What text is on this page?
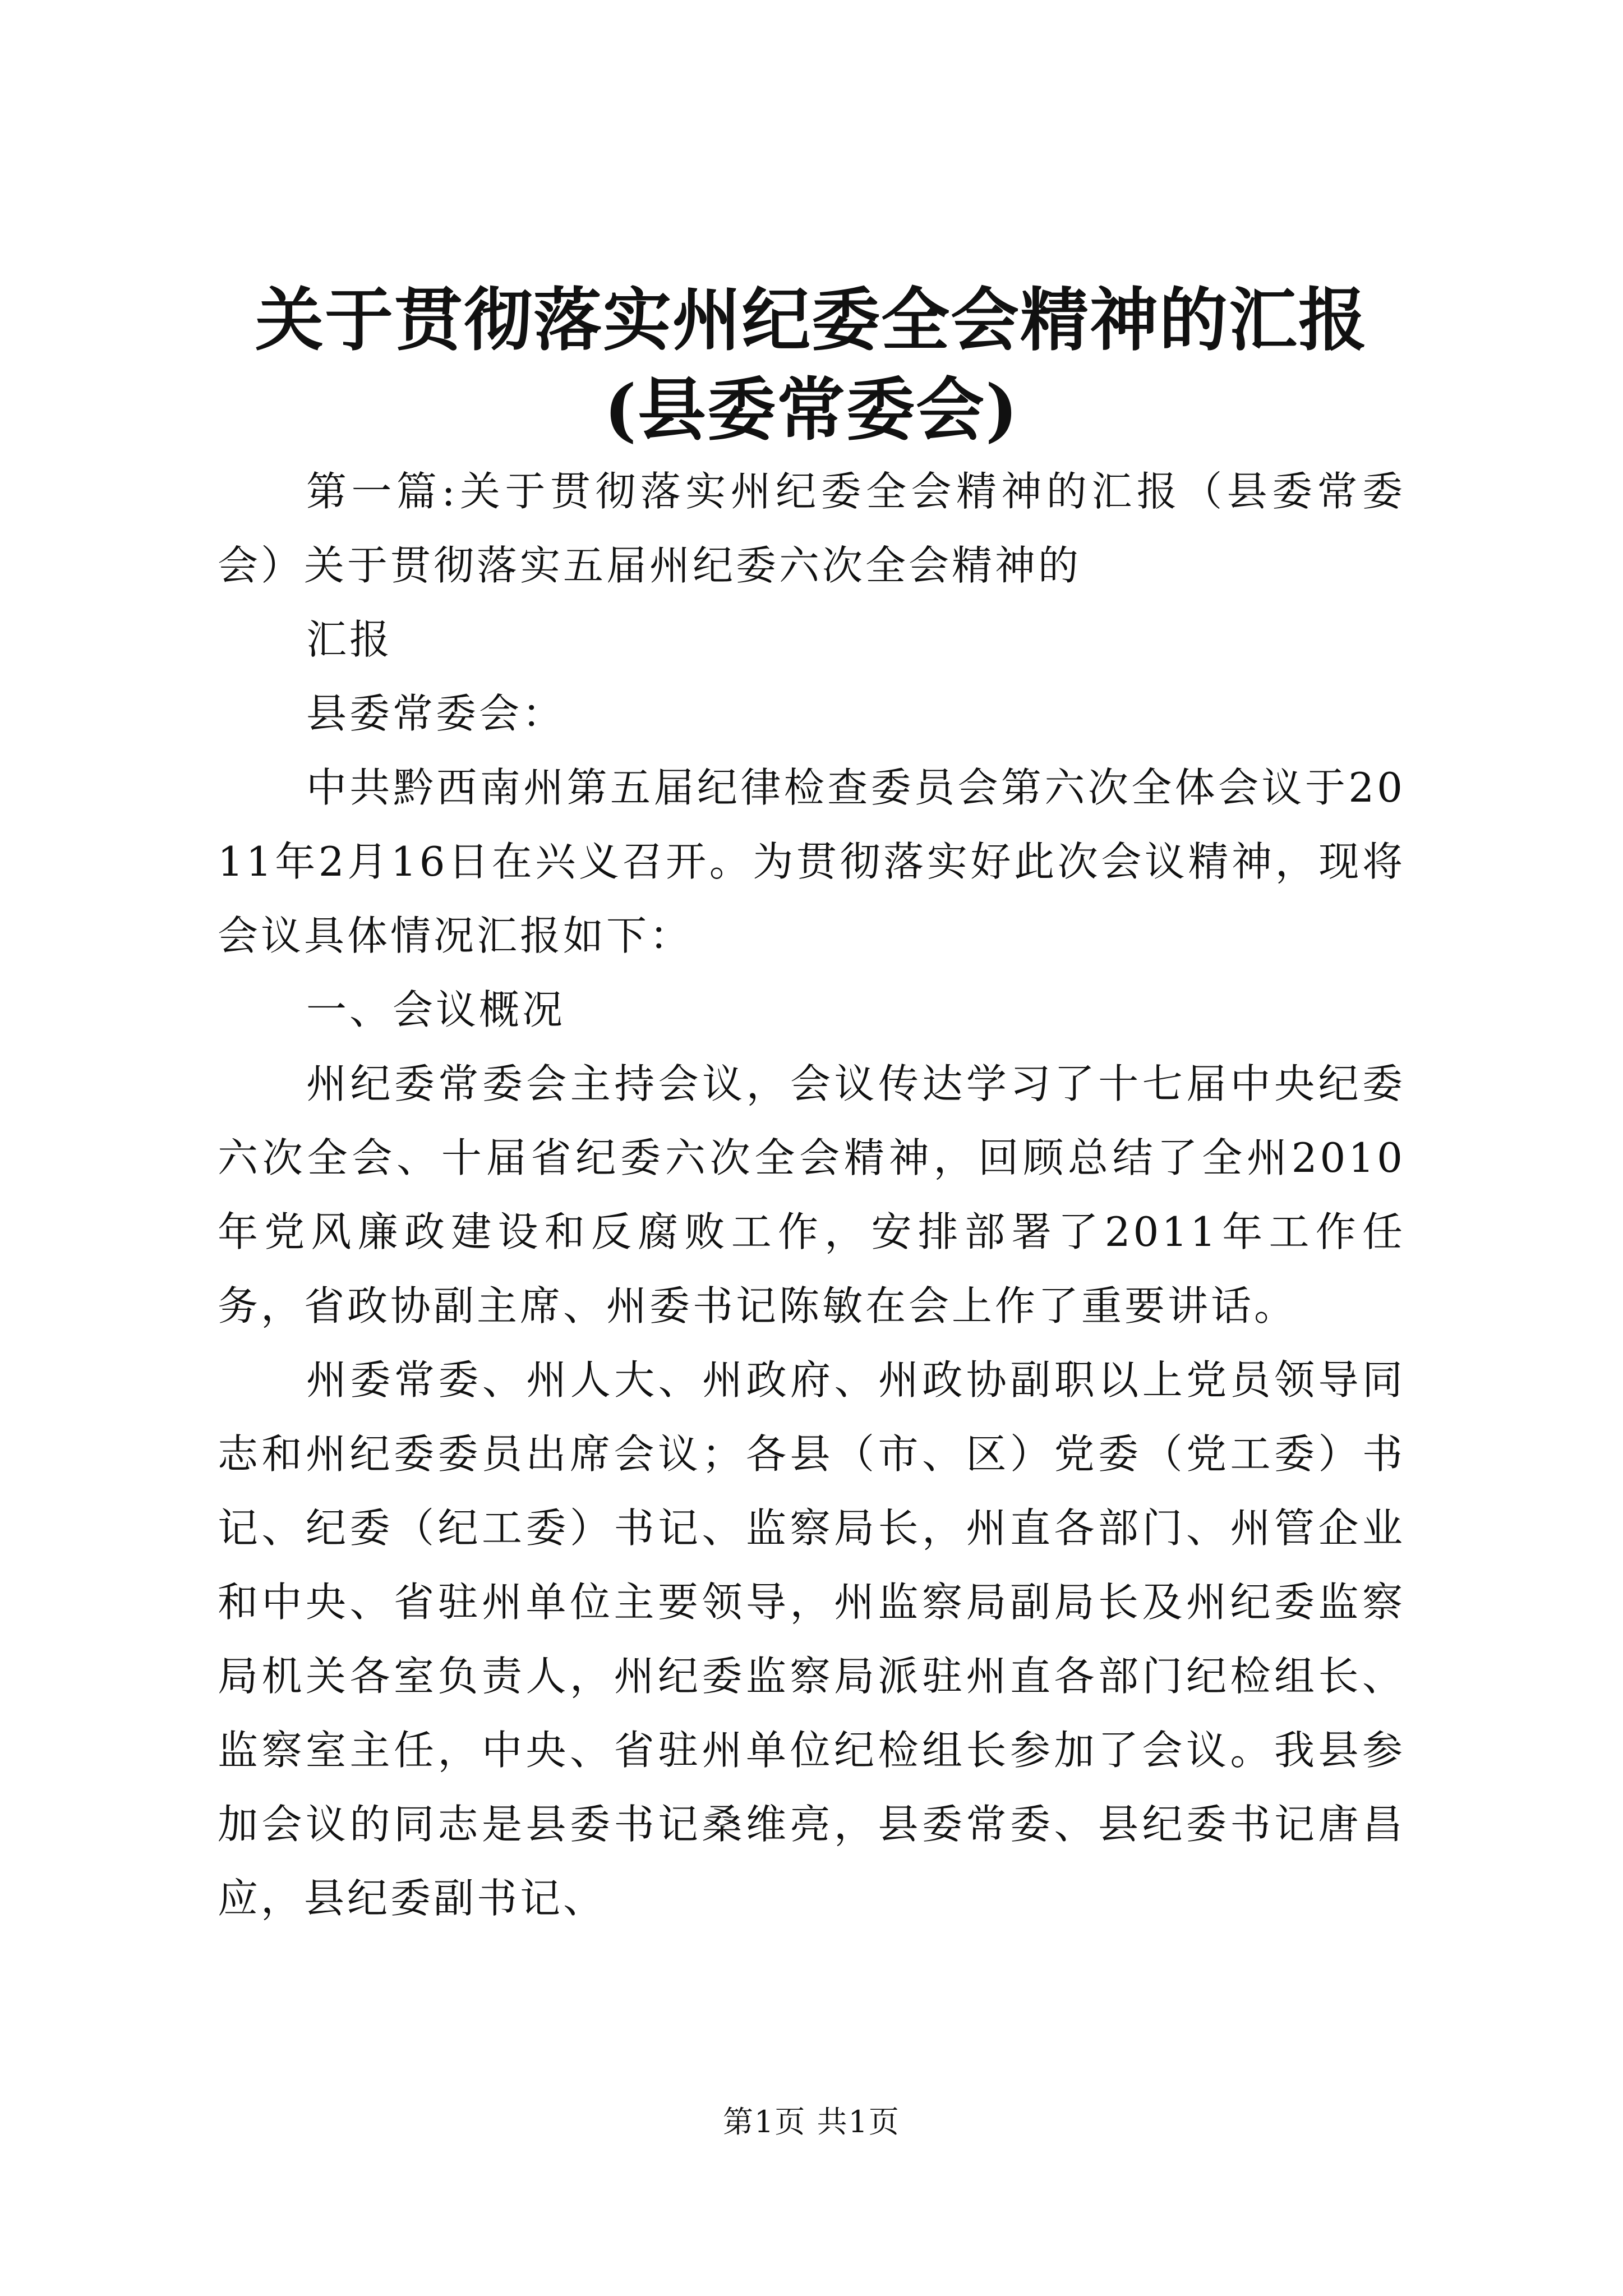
关于贯彻落实州纪委全会精神的汇报(县委常委会)

第一篇:关于贯彻落实州纪委全会精神的汇报（县委常委会）关于贯彻落实五届州纪委六次全会精神的

汇报

县委常委会：

中共黔西南州第五届纪律检查委员会第六次全体会议于2011年2月16日在兴义召开。为贯彻落实好此次会议精神，现将会议具体情况汇报如下：

一、会议概况

州纪委常委会主持会议，会议传达学习了十七届中央纪委六次全会、十届省纪委六次全会精神，回顾总结了全州2010年党风廉政建设和反腐败工作，安排部署了2011年工作任务，省政协副主席、州委书记陈敏在会上作了重要讲话。

州委常委、州人大、州政府、州政协副职以上党员领导同志和州纪委委员出席会议；各县（市、区）党委（党工委）书记、纪委（纪工委）书记、监察局长，州直各部门、州管企业和中央、省驻州单位主要领导，州监察局副局长及州纪委监察局机关各室负责人，州纪委监察局派驻州直各部门纪检组长、监察室主任，中央、省驻州单位纪检组长参加了会议。我县参加会议的同志是县委书记桑维亮，县委常委、县纪委书记唐昌应，县纪委副书记、

第1页 共1页
